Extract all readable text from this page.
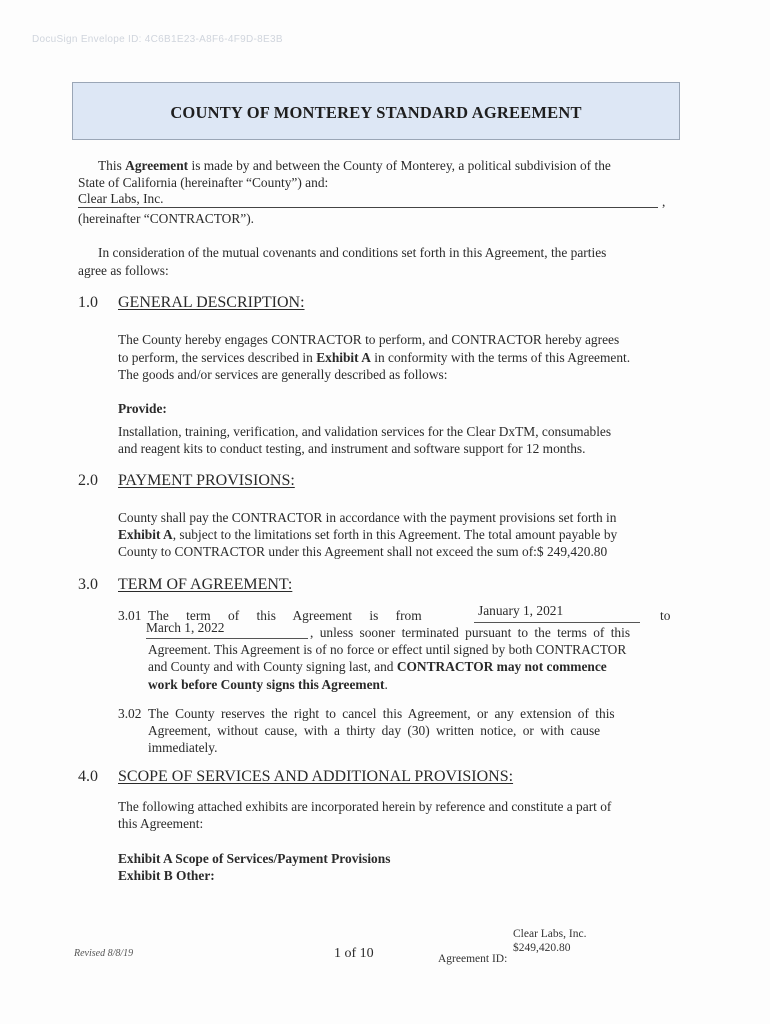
DocuSign Envelope ID: 4C6B1E23-A8F6-4F9D-8E3B
COUNTY OF MONTEREY STANDARD AGREEMENT
This Agreement is made by and between the County of Monterey, a political subdivision of the
State of California (hereinafter “County”) and:
Clear Labs, Inc.	,
(hereinafter “CONTRACTOR”).
In consideration of the mutual covenants and conditions set forth in this Agreement, the parties
agree as follows:
1.0 GENERAL DESCRIPTION:
The County hereby engages CONTRACTOR to perform, and CONTRACTOR hereby agrees
to perform, the services described in Exhibit A in conformity with the terms of this Agreement.
The goods and/or services are generally described as follows:
Provide:
Installation, training, verification, and validation services for the Clear DxTM, consumables
and reagent kits to conduct testing, and instrument and software support for 12 months.
2.0 PAYMENT PROVISIONS:
County shall pay the CONTRACTOR in accordance with the payment provisions set forth in
Exhibit A, subject to the limitations set forth in this Agreement. The total amount payable by
County to CONTRACTOR under this Agreement shall not exceed the sum of:$ 249,420.80
3.0 TERM OF AGREEMENT:
3.01 The term of this Agreement is from	January 1, 2021	to
March 1, 2022	, unless sooner terminated pursuant to the terms of this
Agreement. This Agreement is of no force or effect until signed by both CONTRACTOR
and County and with County signing last, and CONTRACTOR may not commence
work before County signs this Agreement.
3.02 The County reserves the right to cancel this Agreement, or any extension of this
Agreement, without cause, with a thirty day (30) written notice, or with cause
immediately.
4.0 SCOPE OF SERVICES AND ADDITIONAL PROVISIONS:
The following attached exhibits are incorporated herein by reference and constitute a part of
this Agreement:
Exhibit A Scope of Services/Payment Provisions
Exhibit B Other:
Clear Labs, Inc.
$249,420.80
Revised 8/8/19	1 of 10	Agreement ID:
